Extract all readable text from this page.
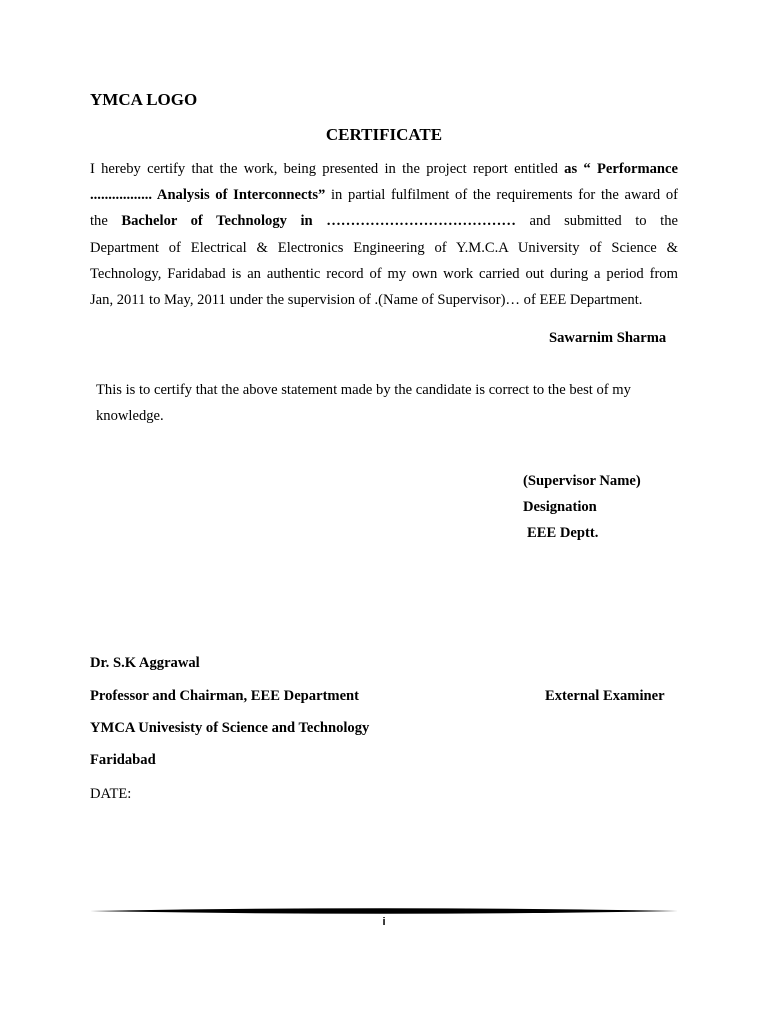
YMCA LOGO
CERTIFICATE
I hereby certify that the work, being presented in the project report entitled as “ Performance
................. Analysis of Interconnects” in partial fulfilment of the requirements for the award of
the Bachelor of Technology in ………………………………… and submitted to the
Department of Electrical & Electronics Engineering of Y.M.C.A University of Science &
Technology, Faridabad is an authentic record of my own work carried out during a period from
Jan, 2011 to May, 2011 under the supervision of .(Name of Supervisor)… of EEE Department.
Sawarnim Sharma
This is to certify that the above statement made by the candidate is correct to the best of my
knowledge.
(Supervisor Name)
Designation
EEE Deptt.
Dr. S.K Aggrawal
Professor and Chairman, EEE Department	External Examiner
YMCA Univesisty of Science and Technology
Faridabad
DATE:
i
